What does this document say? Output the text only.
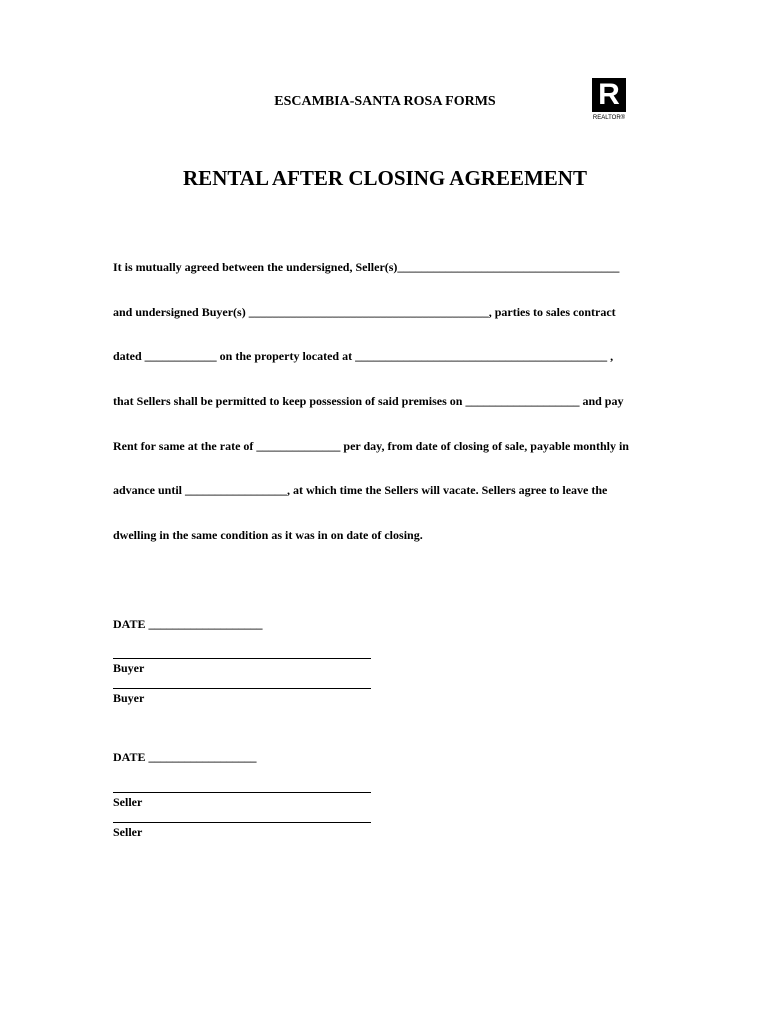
ESCAMBIA-SANTA ROSA FORMS	R
REALTOR®
RENTAL AFTER CLOSING AGREEMENT
It is mutually agreed between the undersigned, Seller(s)_____________________________________
and undersigned Buyer(s) ________________________________________, parties to sales contract
dated ____________ on the property located at __________________________________________ ,
that Sellers shall be permitted to keep possession of said premises on ___________________ and pay
Rent for same at the rate of ______________ per day, from date of closing of sale, payable monthly in
advance until _________________, at which time the Sellers will vacate. Sellers agree to leave the
dwelling in the same condition as it was in on date of closing.
DATE ___________________
Buyer
Buyer
DATE __________________
Seller
Seller
